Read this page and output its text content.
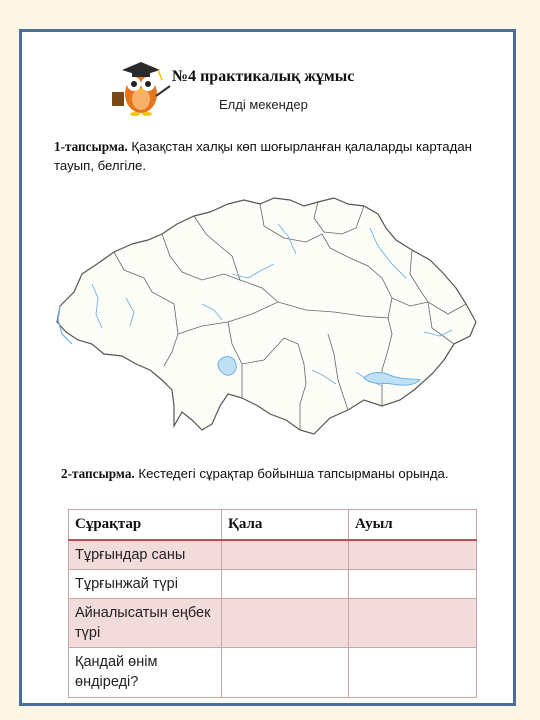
№4 практикалық жұмыс
Елді мекендер

1-тапсырма. Қазақстан халқы көп шоғырланған қалаларды картадан тауып, белгіле.

2-тапсырма. Кестедегі сұрақтар бойынша тапсырманы орында.

Сұрақтар	Қала	Ауыл
Тұрғындар саны		
Тұрғынжай түрі		
Айналысатын еңбек түрі		
Қандай өнім өндіреді?		
